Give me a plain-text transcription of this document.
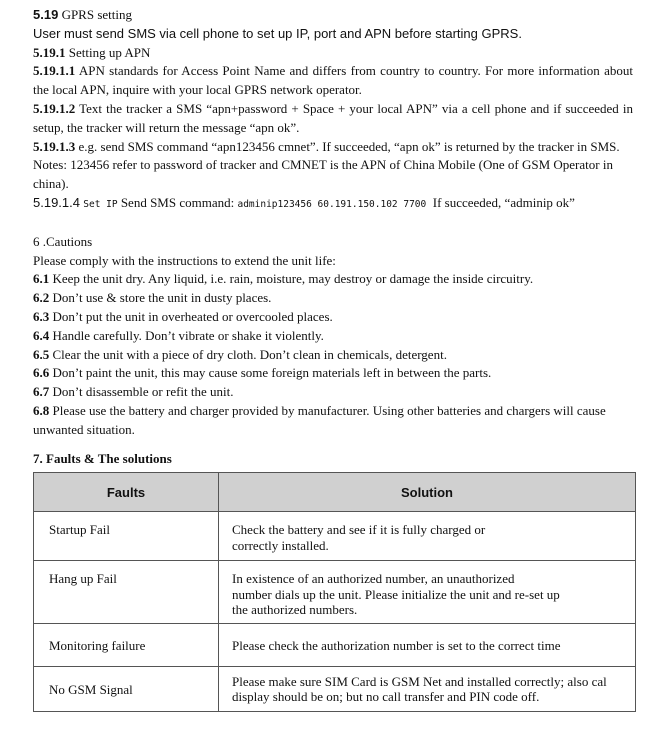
5.19 GPRS setting

User must send SMS via cell phone to set up IP, port and APN before starting GPRS.

5.19.1 Setting up APN

5.19.1.1 APN standards for Access Point Name and differs from country to country. For more information about the local APN, inquire with your local GPRS network operator.

5.19.1.2 Text the tracker a SMS “apn+password + Space + your local APN” via a cell phone and if succeeded in setup, the tracker will return the message “apn ok”.

5.19.1.3 e.g. send SMS command “apn123456 cmnet”. If succeeded, “apn ok” is returned by the tracker in SMS.

Notes: 123456 refer to password of tracker and CMNET is the APN of China Mobile (One of GSM Operator in china).

5.19.1.4 Set IP Send SMS command: adminip123456 60.191.150.102 7700 If succeeded, “adminip ok”

6 .Cautions

Please comply with the instructions to extend the unit life:

6.1 Keep the unit dry. Any liquid, i.e. rain, moisture, may destroy or damage the inside circuitry.

6.2 Don’t use & store the unit in dusty places.

6.3 Don’t put the unit in overheated or overcooled places.

6.4 Handle carefully. Don’t vibrate or shake it violently.

6.5 Clear the unit with a piece of dry cloth. Don’t clean in chemicals, detergent.

6.6 Don’t paint the unit, this may cause some foreign materials left in between the parts.

6.7 Don’t disassemble or refit the unit.

6.8 Please use the battery and charger provided by manufacturer. Using other batteries and chargers will cause unwanted situation.

7. Faults & The solutions

Faults	Solution
Startup Fail	Check the battery and see if it is fully charged or
correctly installed.

Hang up Fail	In existence of an authorized number, an unauthorized
number dials up the unit. Please initialize the unit and re-set up
the authorized numbers.

Monitoring failure	Please check the authorization number is set to the correct time

No GSM Signal	Please make sure SIM Card is GSM Net and installed correctly; also cal
display should be on; but no call transfer and PIN code off.
